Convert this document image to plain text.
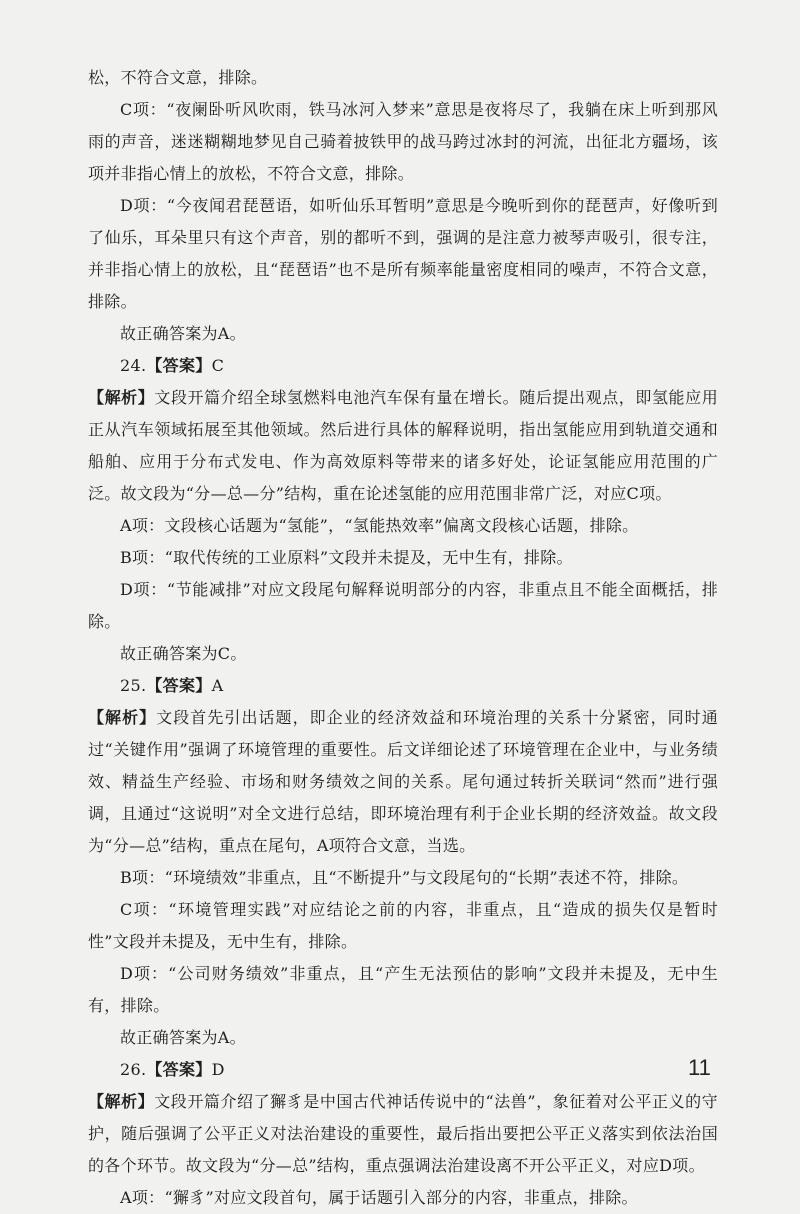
松，不符合文意，排除。

C项：“夜阑卧听风吹雨，铁马冰河入梦来”意思是夜将尽了，我躺在床上听到那风雨的声音，迷迷糊糊地梦见自己骑着披铁甲的战马跨过冰封的河流，出征北方疆场，该项并非指心情上的放松，不符合文意，排除。

D项：“今夜闻君琵琶语，如听仙乐耳暂明”意思是今晚听到你的琵琶声，好像听到了仙乐，耳朵里只有这个声音，别的都听不到，强调的是注意力被琴声吸引，很专注，并非指心情上的放松，且“琵琶语”也不是所有频率能量密度相同的噪声，不符合文意，排除。

故正确答案为A。

24.【答案】C

【解析】文段开篇介绍全球氢燃料电池汽车保有量在增长。随后提出观点，即氢能应用正从汽车领域拓展至其他领域。然后进行具体的解释说明，指出氢能应用到轨道交通和船舶、应用于分布式发电、作为高效原料等带来的诸多好处，论证氢能应用范围的广泛。故文段为“分—总—分”结构，重在论述氢能的应用范围非常广泛，对应C项。

A项：文段核心话题为“氢能”，“氢能热效率”偏离文段核心话题，排除。

B项：“取代传统的工业原料”文段并未提及，无中生有，排除。

D项：“节能减排”对应文段尾句解释说明部分的内容，非重点且不能全面概括，排除。

故正确答案为C。

25.【答案】A

【解析】文段首先引出话题，即企业的经济效益和环境治理的关系十分紧密，同时通过“关键作用”强调了环境管理的重要性。后文详细论述了环境管理在企业中，与业务绩效、精益生产经验、市场和财务绩效之间的关系。尾句通过转折关联词“然而”进行强调，且通过“这说明”对全文进行总结，即环境治理有利于企业长期的经济效益。故文段为“分—总”结构，重点在尾句，A项符合文意，当选。

B项：“环境绩效”非重点，且“不断提升”与文段尾句的“长期”表述不符，排除。

C项：“环境管理实践”对应结论之前的内容，非重点，且“造成的损失仅是暂时性”文段并未提及，无中生有，排除。

D项：“公司财务绩效”非重点，且“产生无法预估的影响”文段并未提及，无中生有，排除。

故正确答案为A。

26.【答案】D

【解析】文段开篇介绍了獬豸是中国古代神话传说中的“法兽”，象征着对公平正义的守护，随后强调了公平正义对法治建设的重要性，最后指出要把公平正义落实到依法治国的各个环节。故文段为“分—总”结构，重点强调法治建设离不开公平正义，对应D项。

A项：“獬豸”对应文段首句，属于话题引入部分的内容，非重点，排除。

11
